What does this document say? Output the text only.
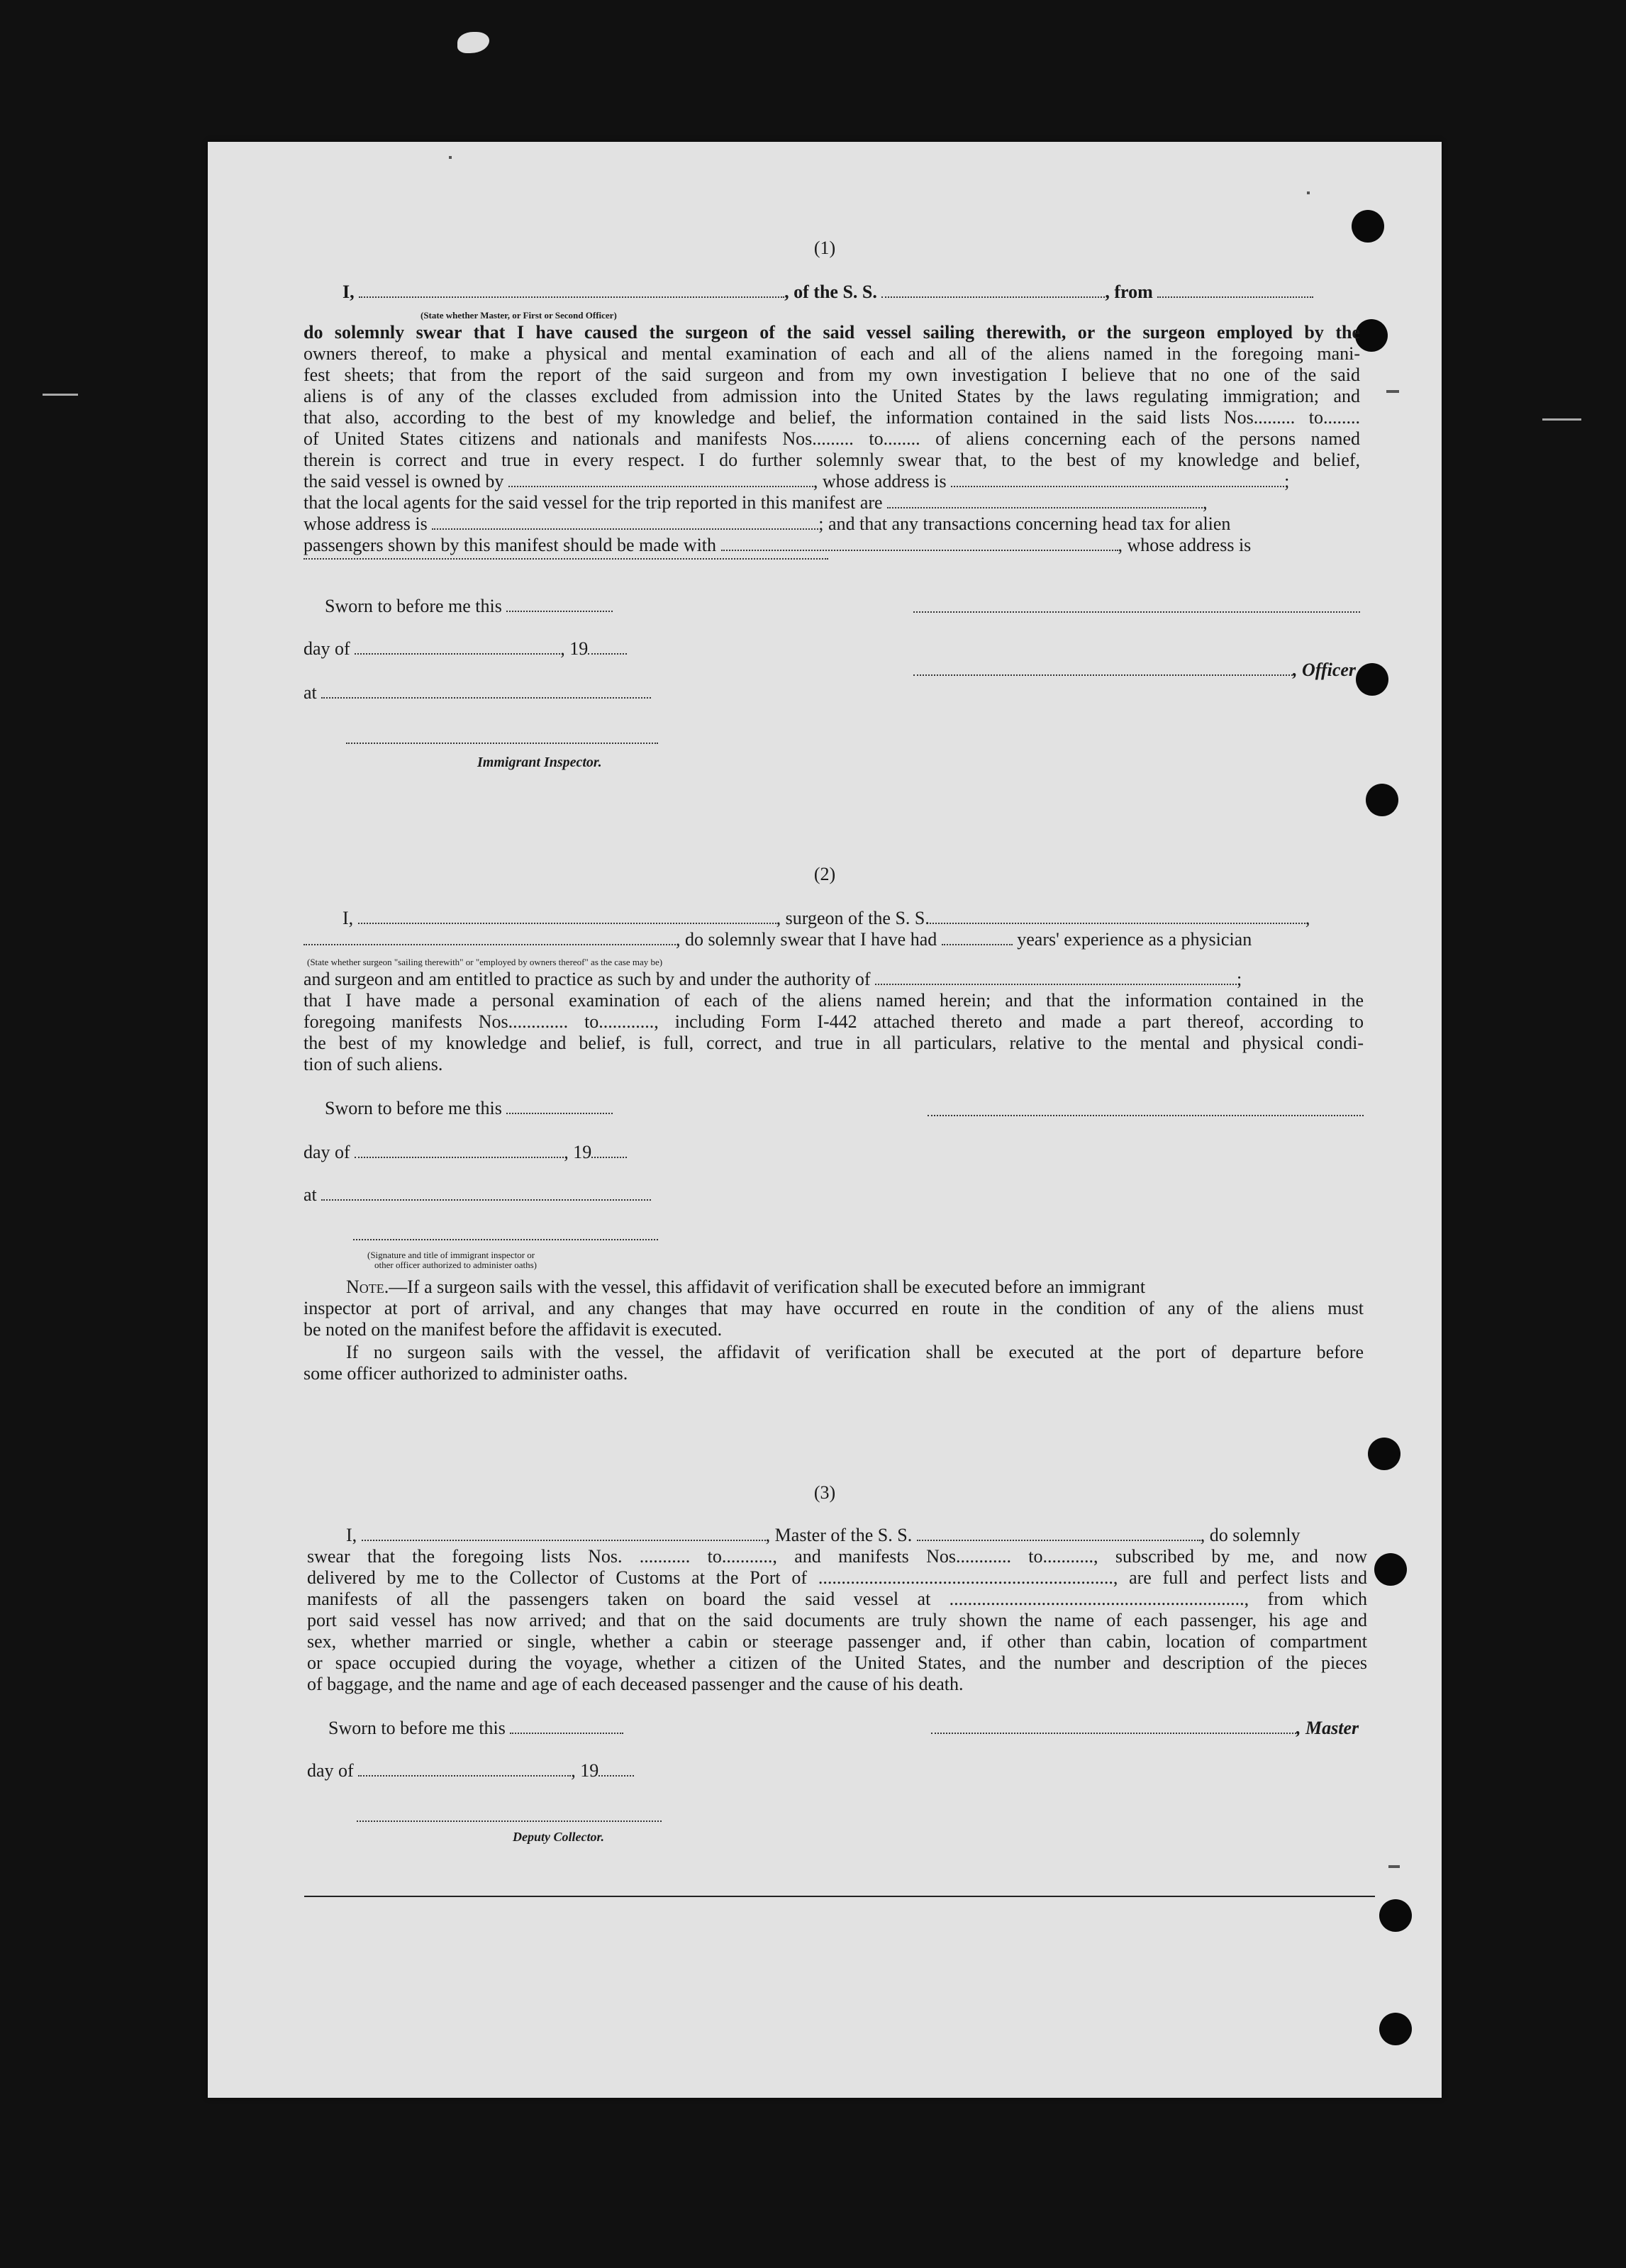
(1)
I,	, of the S. S.	, from
(State whether Master, or First or Second Officer)
do solemnly swear that I have caused the surgeon of the said vessel sailing therewith, or the surgeon employed by the
owners thereof, to make a physical and mental examination of each and all of the aliens named in the foregoing mani-
fest sheets; that from the report of the said surgeon and from my own investigation I believe that no one of the said
aliens is of any of the classes excluded from admission into the United States by the laws regulating immigration; and
that also, according to the best of my knowledge and belief, the information contained in the said lists Nos......... to........
of United States citizens and nationals and manifests Nos......... to........ of aliens concerning each of the persons named
therein is correct and true in every respect. I do further solemnly swear that, to the best of my knowledge and belief,
the said vessel is owned by	, whose address is	;
that the local agents for the said vessel for the trip reported in this manifest are	,
whose address is	; and that any transactions concerning head tax for alien
passengers shown by this manifest should be made with	, whose address is
Sworn to before me this
day of	, 19
, Officer
at
Immigrant Inspector.
(2)
I,	, surgeon of the S. S.	,
, do solemnly swear that I have had	years' experience as a physician
(State whether surgeon "sailing therewith" or "employed by owners thereof" as the case may be)
and surgeon and am entitled to practice as such by and under the authority of	;
that I have made a personal examination of each of the aliens named herein; and that the information contained in the
foregoing manifests Nos............. to............, including Form I-442 attached thereto and made a part thereof, according to
the best of my knowledge and belief, is full, correct, and true in all particulars, relative to the mental and physical condi-
tion of such aliens.
Sworn to before me this
day of	, 19
at
(Signature and title of immigrant inspector or
other officer authorized to administer oaths)
Note.—If a surgeon sails with the vessel, this affidavit of verification shall be executed before an immigrant
inspector at port of arrival, and any changes that may have occurred en route in the condition of any of the aliens must
be noted on the manifest before the affidavit is executed.
If no surgeon sails with the vessel, the affidavit of verification shall be executed at the port of departure before
some officer authorized to administer oaths.
(3)
I,	, Master of the S. S.	, do solemnly
swear that the foregoing lists Nos. ........... to..........., and manifests Nos............ to..........., subscribed by me, and now
delivered by me to the Collector of Customs at the Port of ................................................................, are full and perfect lists and
manifests of all the passengers taken on board the said vessel at ................................................................, from which
port said vessel has now arrived; and that on the said documents are truly shown the name of each passenger, his age and
sex, whether married or single, whether a cabin or steerage passenger and, if other than cabin, location of compartment
or space occupied during the voyage, whether a citizen of the United States, and the number and description of the pieces
of baggage, and the name and age of each deceased passenger and the cause of his death.
Sworn to before me this	, Master
day of	, 19
Deputy Collector.
